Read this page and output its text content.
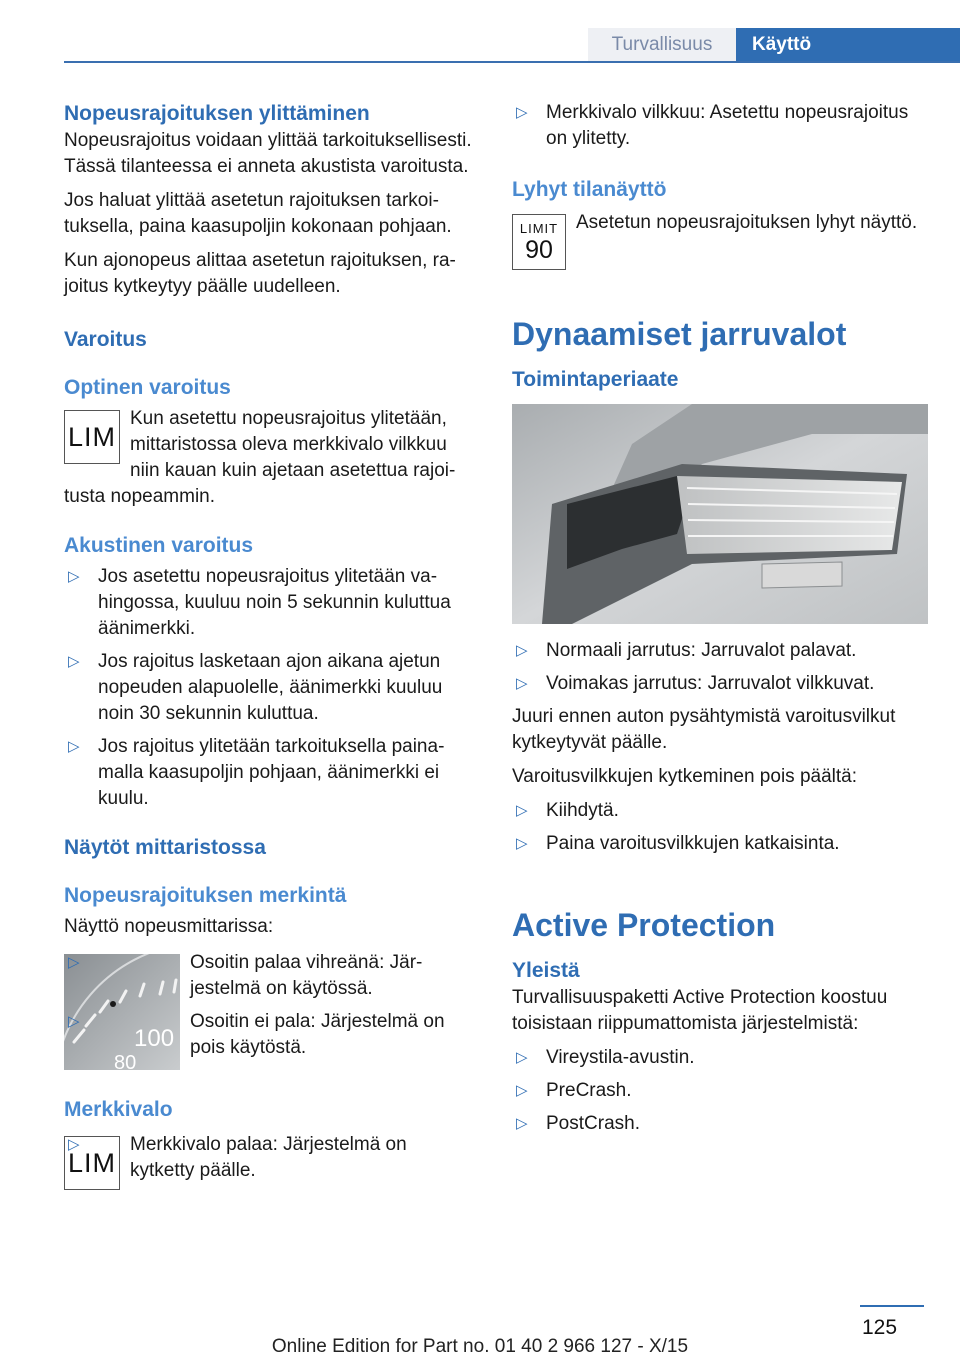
Turvallisuus	Käyttö
Nopeusrajoituksen ylittäminen

Nopeusrajoitus voidaan ylittää tarkoituksellisesti. Tässä tilanteessa ei anneta akustista varoitusta.

Jos haluat ylittää asetetun rajoituksen tarkoituksella, paina kaasupoljin kokonaan pohjaan.

Kun ajonopeus alittaa asetetun rajoituksen, rajoitus kytkeytyy päälle uudelleen.

Varoitus
Optinen varoitus
LIM

Kun asetettu nopeusrajoitus ylitetään, mittaristossa oleva merkkivalo vilkkuu niin kauan kuin ajetaan asetettua rajoitusta nopeammin.

Akustinen varoitus
▷ Jos asetettu nopeusrajoitus ylitetään vahingossa, kuuluu noin 5 sekunnin kuluttua äänimerkki.
▷ Jos rajoitus lasketaan ajon aikana ajetun nopeuden alapuolelle, äänimerkki kuuluu noin 30 sekunnin kuluttua.
▷ Jos rajoitus ylitetään tarkoituksella painamalla kaasupoljin pohjaan, äänimerkki ei kuulu.
Näytöt mittaristossa
Nopeusrajoituksen merkintä

Näyttö nopeusmittarissa:

100
80
▷	Osoitin palaa vihreänä: Järjestelmä on käytössä.
▷	Osoitin ei pala: Järjestelmä on pois käytöstä.
Merkkivalo
LIM
▷	Merkkivalo palaa: Järjestelmä on kytketty päälle.
▷ Merkkivalo vilkkuu: Asetettu nopeusrajoitus on ylitetty.
Lyhyt tilanäyttö
LIMIT
90

Asetetun nopeusrajoituksen lyhyt näyttö.

Dynaamiset jarruvalot
Toimintaperiaate
▷ Normaali jarrutus: Jarruvalot palavat.
▷ Voimakas jarrutus: Jarruvalot vilkkuvat.

Juuri ennen auton pysähtymistä varoitusvilkut kytkeytyvät päälle.

Varoitusvilkkujen kytkeminen pois päältä:

▷ Kiihdytä.
▷ Paina varoitusvilkkujen katkaisinta.
Active Protection
Yleistä

Turvallisuuspaketti Active Protection koostuu toisistaan riippumattomista järjestelmistä:

▷ Vireystila-avustin.
▷ PreCrash.
▷ PostCrash.
125
Online Edition for Part no. 01 40 2 966 127 - X/15
